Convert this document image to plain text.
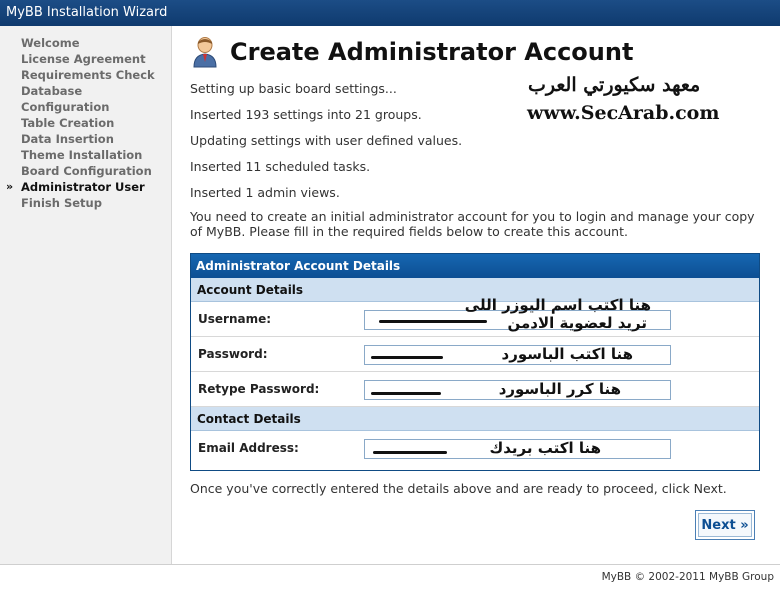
MyBB Installation Wizard
Welcome
License Agreement
Requirements Check
Database Configuration
Table Creation
Data Insertion
Theme Installation
Board Configuration
» Administrator User
Finish Setup
Create Administrator Account
Setting up basic board settings...
Inserted 193 settings into 21 groups.
Updating settings with user defined values.
Inserted 11 scheduled tasks.
Inserted 1 admin views.
معهد سكيورتي العرب
www.SecArab.com
You need to create an initial administrator account for you to login and manage your copy of MyBB. Please fill in the required fields below to create this account.
Administrator Account Details
Account Details
Username:
هنا اكتب اسم اليوزر اللى
تريد لعضوية الادمن
Password:	هنا اكتب الباسورد
Retype Password:	هنا كرر الباسورد
Contact Details
Email Address:	هنا اكتب بريدك
Once you've correctly entered the details above and are ready to proceed, click Next.
Next »
MyBB © 2002-2011 MyBB Group
